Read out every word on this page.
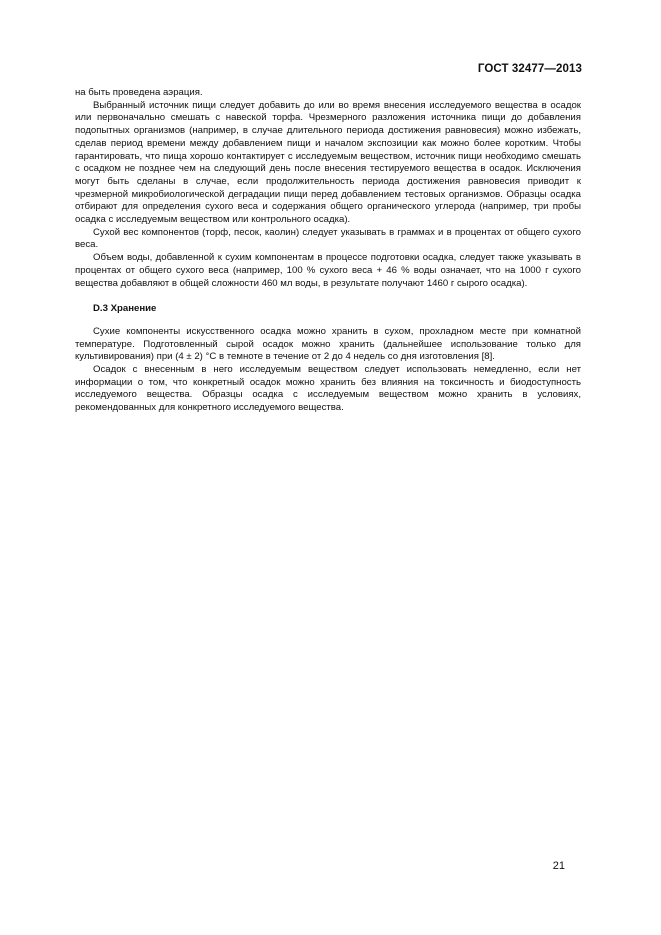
ГОСТ 32477—2013

на быть проведена аэрация.

Выбранный источник пищи следует добавить до или во время внесения исследуемого вещества в осадок или первоначально смешать с навеской торфа. Чрезмерного разложения источника пищи до добавления подопытных организмов (например, в случае длительного периода достижения равновесия) можно избежать, сделав период времени между добавлением пищи и началом экспозиции как можно более коротким. Чтобы гарантировать, что пища хорошо контактирует с исследуемым веществом, источник пищи необходимо смешать с осадком не позднее чем на следующий день после внесения тестируемого вещества в осадок. Исключения могут быть сделаны в случае, если продолжительность периода достижения равновесия приводит к чрезмерной микробиологической деградации пищи перед добавлением тестовых организмов. Образцы осадка отбирают для определения сухого веса и содержания общего органического углерода (например, три пробы осадка с исследуемым веществом или контрольного осадка).

Сухой вес компонентов (торф, песок, каолин) следует указывать в граммах и в процентах от общего сухого веса.

Объем воды, добавленной к сухим компонентам в процессе подготовки осадка, следует также указывать в процентах от общего сухого веса (например, 100 % сухого веса + 46 % воды означает, что на 1000 г сухого вещества добавляют в общей сложности 460 мл воды, в результате получают 1460 г сырого осадка).

D.3 Хранение

Сухие компоненты искусственного осадка можно хранить в сухом, прохладном месте при комнатной температуре. Подготовленный сырой осадок можно хранить (дальнейшее использование только для культивирования) при (4 ± 2) °С в темноте в течение от 2 до 4 недель со дня изготовления [8].

Осадок с внесенным в него исследуемым веществом следует использовать немедленно, если нет информации о том, что конкретный осадок можно хранить без влияния на токсичность и биодоступность исследуемого вещества. Образцы осадка с исследуемым веществом можно хранить в условиях, рекомендованных для конкретного исследуемого вещества.

21
